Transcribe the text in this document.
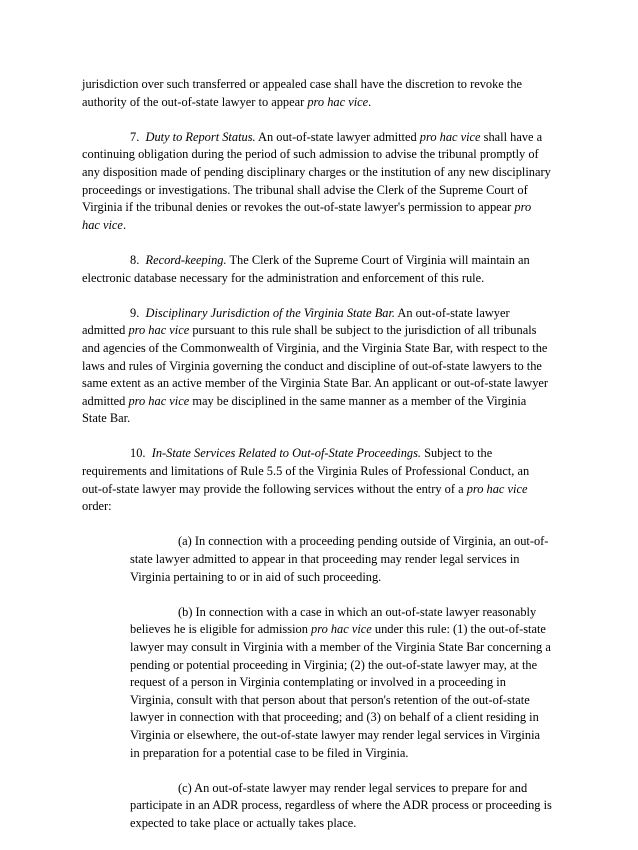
jurisdiction over such transferred or appealed case shall have the discretion to revoke the authority of the out-of-state lawyer to appear pro hac vice.

7. Duty to Report Status. An out-of-state lawyer admitted pro hac vice shall have a continuing obligation during the period of such admission to advise the tribunal promptly of any disposition made of pending disciplinary charges or the institution of any new disciplinary proceedings or investigations. The tribunal shall advise the Clerk of the Supreme Court of Virginia if the tribunal denies or revokes the out-of-state lawyer's permission to appear pro hac vice.

8. Record-keeping. The Clerk of the Supreme Court of Virginia will maintain an electronic database necessary for the administration and enforcement of this rule.

9. Disciplinary Jurisdiction of the Virginia State Bar. An out-of-state lawyer admitted pro hac vice pursuant to this rule shall be subject to the jurisdiction of all tribunals and agencies of the Commonwealth of Virginia, and the Virginia State Bar, with respect to the laws and rules of Virginia governing the conduct and discipline of out-of-state lawyers to the same extent as an active member of the Virginia State Bar. An applicant or out-of-state lawyer admitted pro hac vice may be disciplined in the same manner as a member of the Virginia State Bar.

10. In-State Services Related to Out-of-State Proceedings. Subject to the requirements and limitations of Rule 5.5 of the Virginia Rules of Professional Conduct, an out-of-state lawyer may provide the following services without the entry of a pro hac vice order:

(a) In connection with a proceeding pending outside of Virginia, an out-of-state lawyer admitted to appear in that proceeding may render legal services in Virginia pertaining to or in aid of such proceeding.

(b) In connection with a case in which an out-of-state lawyer reasonably believes he is eligible for admission pro hac vice under this rule: (1) the out-of-state lawyer may consult in Virginia with a member of the Virginia State Bar concerning a pending or potential proceeding in Virginia; (2) the out-of-state lawyer may, at the request of a person in Virginia contemplating or involved in a proceeding in Virginia, consult with that person about that person's retention of the out-of-state lawyer in connection with that proceeding; and (3) on behalf of a client residing in Virginia or elsewhere, the out-of-state lawyer may render legal services in Virginia in preparation for a potential case to be filed in Virginia.

(c) An out-of-state lawyer may render legal services to prepare for and participate in an ADR process, regardless of where the ADR process or proceeding is expected to take place or actually takes place.
